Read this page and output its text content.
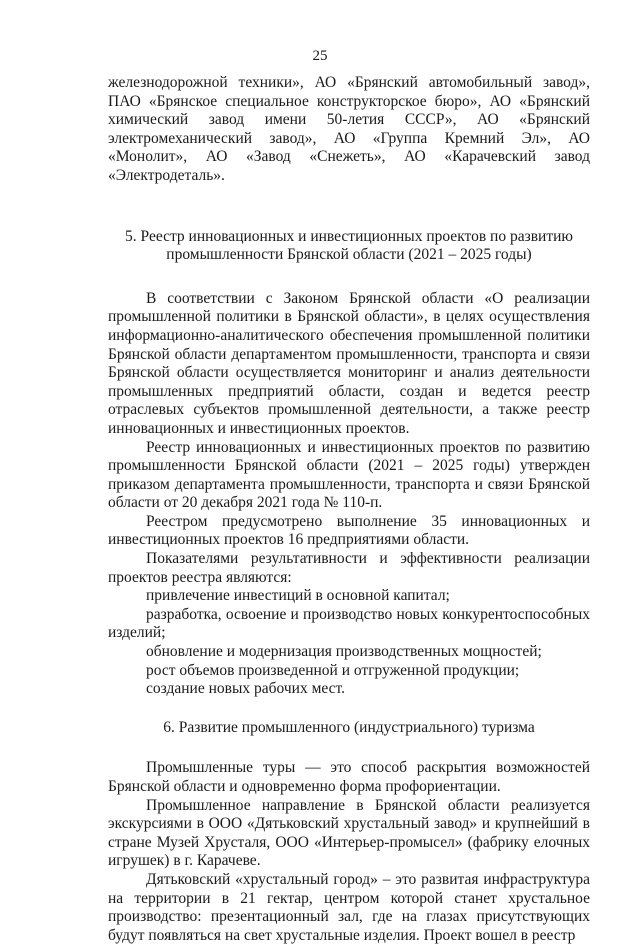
25

железнодорожной техники», АО «Брянский автомобильный завод», ПАО «Брянское специальное конструкторское бюро», АО «Брянский химический завод имени 50-летия СССР», АО «Брянский электромеханический завод», АО «Группа Кремний Эл», АО «Монолит», АО «Завод «Снежеть», АО «Карачевский завод «Электродеталь».

5. Реестр инновационных и инвестиционных проектов по развитию промышленности Брянской области (2021 – 2025 годы)

В соответствии с Законом Брянской области «О реализации промышленной политики в Брянской области», в целях осуществления информационно-аналитического обеспечения промышленной политики Брянской области департаментом промышленности, транспорта и связи Брянской области осуществляется мониторинг и анализ деятельности промышленных предприятий области, создан и ведется реестр отраслевых субъектов промышленной деятельности, а также реестр инновационных и инвестиционных проектов.

Реестр инновационных и инвестиционных проектов по развитию промышленности Брянской области (2021 – 2025 годы) утвержден приказом департамента промышленности, транспорта и связи Брянской области от 20 декабря 2021 года № 110-п.

Реестром предусмотрено выполнение 35 инновационных и инвестиционных проектов 16 предприятиями области.

Показателями результативности и эффективности реализации проектов реестра являются:

привлечение инвестиций в основной капитал;

разработка, освоение и производство новых конкурентоспособных изделий;

обновление и модернизация производственных мощностей;

рост объемов произведенной и отгруженной продукции;

создание новых рабочих мест.

6. Развитие промышленного (индустриального) туризма

Промышленные туры — это способ раскрытия возможностей Брянской области и одновременно форма профориентации.

Промышленное направление в Брянской области реализуется экскурсиями в ООО «Дятьковский хрустальный завод» и крупнейший в стране Музей Хрусталя, ООО «Интерьер-промысел» (фабрику елочных игрушек) в г. Карачеве.

Дятьковский «хрустальный город» – это развитая инфраструктура на территории в 21 гектар, центром которой станет хрустальное производство: презентационный зал, где на глазах присутствующих будут появляться на свет хрустальные изделия. Проект вошел в реестр
